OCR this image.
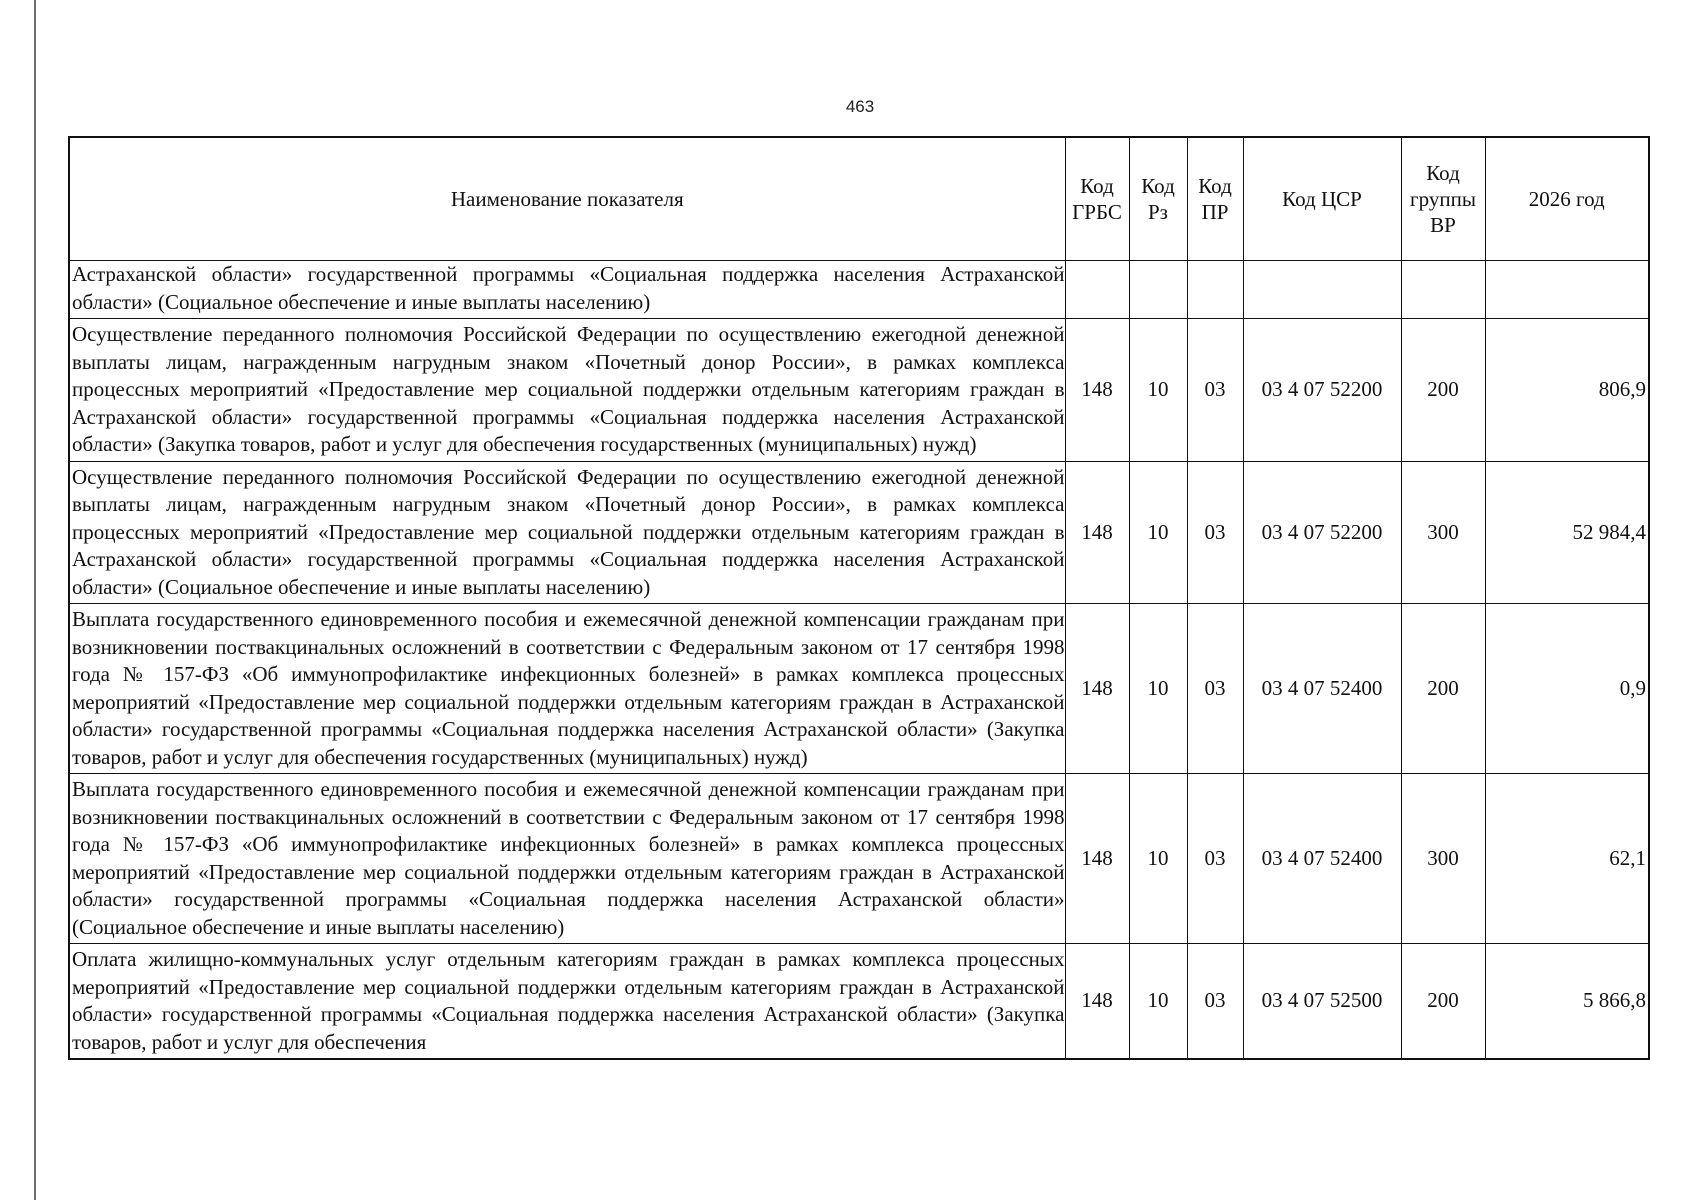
463
Наименование показателя	Код ГРБС	Код Рз	Код ПР	Код ЦСР	Код группы ВР	2026 год
Астраханской области» государственной программы «Социальная поддержка населения Астраханской области» (Социальное обеспечение и иные выплаты населению)						
Осуществление переданного полномочия Российской Федерации по осуществлению ежегодной денежной выплаты лицам, награжденным нагрудным знаком «Почетный донор России», в рамках комплекса процессных мероприятий «Предоставление мер социальной поддержки отдельным категориям граждан в Астраханской области» государственной программы «Социальная поддержка населения Астраханской области» (Закупка товаров, работ и услуг для обеспечения государственных (муниципальных) нужд)	148	10	03	03 4 07 52200	200	806,9
Осуществление переданного полномочия Российской Федерации по осуществлению ежегодной денежной выплаты лицам, награжденным нагрудным знаком «Почетный донор России», в рамках комплекса процессных мероприятий «Предоставление мер социальной поддержки отдельным категориям граждан в Астраханской области» государственной программы «Социальная поддержка населения Астраханской области» (Социальное обеспечение и иные выплаты населению)	148	10	03	03 4 07 52200	300	52 984,4
Выплата государственного единовременного пособия и ежемесячной денежной компенсации гражданам при возникновении поствакцинальных осложнений в соответствии с Федеральным законом от 17 сентября 1998 года № 157-ФЗ «Об иммунопрофилактике инфекционных болезней» в рамках комплекса процессных мероприятий «Предоставление мер социальной поддержки отдельным категориям граждан в Астраханской области» государственной программы «Социальная поддержка населения Астраханской области» (Закупка товаров, работ и услуг для обеспечения государственных (муниципальных) нужд)	148	10	03	03 4 07 52400	200	0,9
Выплата государственного единовременного пособия и ежемесячной денежной компенсации гражданам при возникновении поствакцинальных осложнений в соответствии с Федеральным законом от 17 сентября 1998 года № 157-ФЗ «Об иммунопрофилактике инфекционных болезней» в рамках комплекса процессных мероприятий «Предоставление мер социальной поддержки отдельным категориям граждан в Астраханской области» государственной программы «Социальная поддержка населения Астраханской области» (Социальное обеспечение и иные выплаты населению)	148	10	03	03 4 07 52400	300	62,1
Оплата жилищно-коммунальных услуг отдельным категориям граждан в рамках комплекса процессных мероприятий «Предоставление мер социальной поддержки отдельным категориям граждан в Астраханской области» государственной программы «Социальная поддержка населения Астраханской области» (Закупка товаров, работ и услуг для обеспечения	148	10	03	03 4 07 52500	200	5 866,8
